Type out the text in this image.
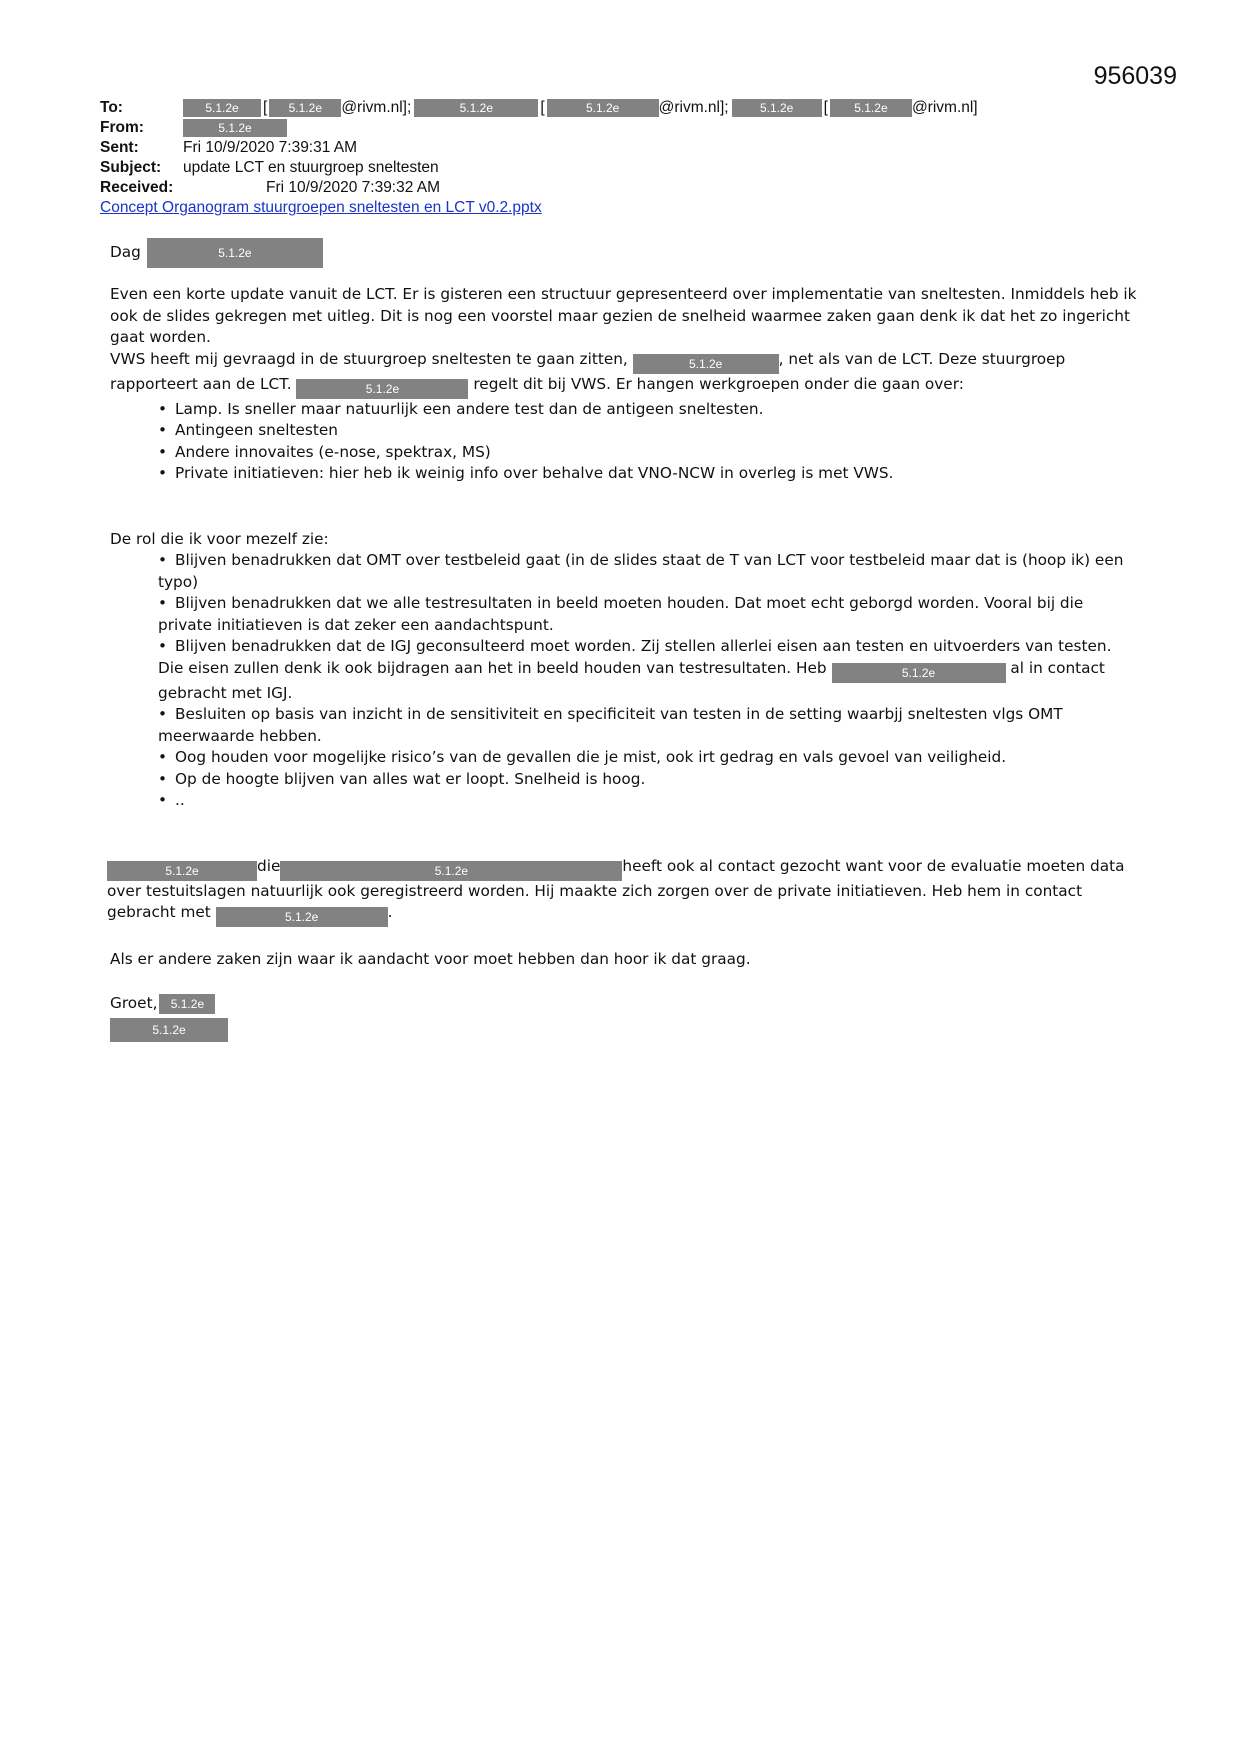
956039
To:	5.1.2e	[	5.1.2e	@rivm.nl];	5.1.2e	[	5.1.2e	@rivm.nl];	5.1.2e	[	5.1.2e	@rivm.nl]
From:	5.1.2e
Sent:	Fri 10/9/2020 7:39:31 AM
Subject:	update LCT en stuurgroep sneltesten
Received:	Fri 10/9/2020 7:39:32 AM
Concept Organogram stuurgroepen sneltesten en LCT v0.2.pptx
Dag	5.1.2e

Even een korte update vanuit de LCT. Er is gisteren een structuur gepresenteerd over implementatie van sneltesten. Inmiddels heb ik ook de slides gekregen met uitleg. Dit is nog een voorstel maar gezien de snelheid waarmee zaken gaan denk ik dat het zo ingericht gaat worden.

VWS heeft mij gevraagd in de stuurgroep sneltesten te gaan zitten,	5.1.2e	, net als van de LCT. Deze stuurgroep rapporteert aan de LCT.	5.1.2e	regelt dit bij VWS. Er hangen werkgroepen onder die gaan over:

• Lamp. Is sneller maar natuurlijk een andere test dan de antigeen sneltesten.
• Antingeen sneltesten
• Andere innovaites (e-nose, spektrax, MS)
• Private initiatieven: hier heb ik weinig info over behalve dat VNO-NCW in overleg is met VWS.

De rol die ik voor mezelf zie:

• Blijven benadrukken dat OMT over testbeleid gaat (in de slides staat de T van LCT voor testbeleid maar dat is (hoop ik) een typo)
• Blijven benadrukken dat we alle testresultaten in beeld moeten houden. Dat moet echt geborgd worden. Vooral bij die private initiatieven is dat zeker een aandachtspunt.
• Blijven benadrukken dat de IGJ geconsulteerd moet worden. Zij stellen allerlei eisen aan testen en uitvoerders van testen. Die eisen zullen denk ik ook bijdragen aan het in beeld houden van testresultaten. Heb	5.1.2e	al in contact gebracht met IGJ.
• Besluiten op basis van inzicht in de sensitiviteit en specificiteit van testen in de setting waarbjj sneltesten vlgs OMT meerwaarde hebben.
• Oog houden voor mogelijke risico’s van de gevallen die je mist, ook irt gedrag en vals gevoel van veiligheid.
• Op de hoogte blijven van alles wat er loopt. Snelheid is hoog.
• ..

5.1.2e	die	5.1.2e	heeft ook al contact gezocht want voor de evaluatie moeten data over testuitslagen natuurlijk ook geregistreerd worden. Hij maakte zich zorgen over de private initiatieven. Heb hem in contact gebracht met	5.1.2e	.

Als er andere zaken zijn waar ik aandacht voor moet hebben dan hoor ik dat graag.

Groet,	5.1.2e
5.1.2e
